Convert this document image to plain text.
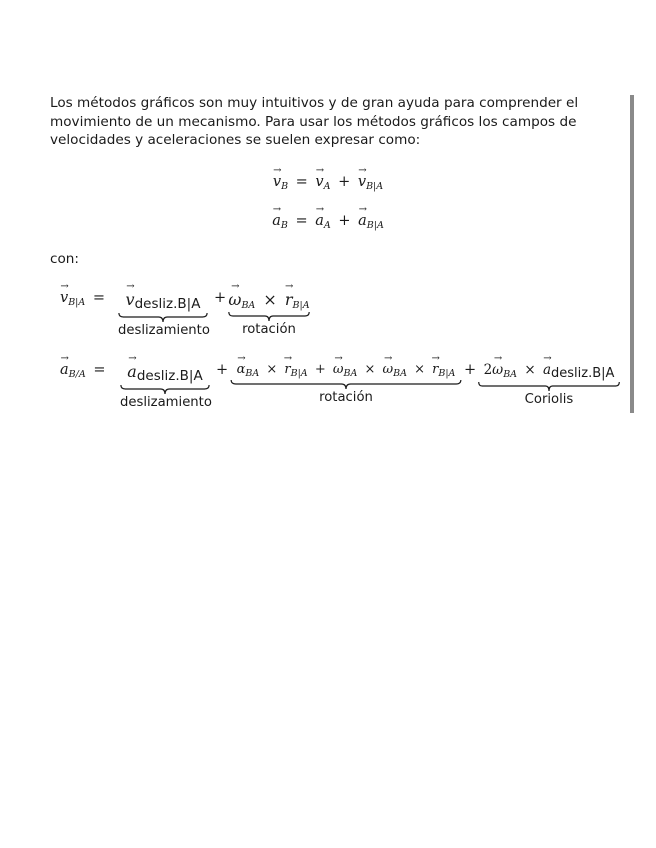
Los métodos gráficos son muy intuitivos y de gran ayuda para comprender el
movimiento de un mecanismo. Para usar los métodos gráficos los campos de
velocidades y aceleraciones se suelen expresar como:

→ $v_B$ = → $v_A$ + → $v_{B|A}$
→ $a_B$ = → $a_A$ + → $a_{B|A}$
con:
→ $v_{B|A}$ =	→ $v_{desliz.B|A}$
deslizamiento
+ → $\omega_{BA}$ × → $r_{B|A}$
rotación
→ $a_{B/A}$ =	→ $a_{desliz.B|A}$
deslizamiento
+ → $\alpha_{BA}$ × → $r_{B|A}$ + → $\omega_{BA}$ × → $\omega_{BA}$ × → $r_{B|A}$
rotación
+ $2\to \omega_{BA}$ × → $a_{desliz.B|A}$
Coriolis
